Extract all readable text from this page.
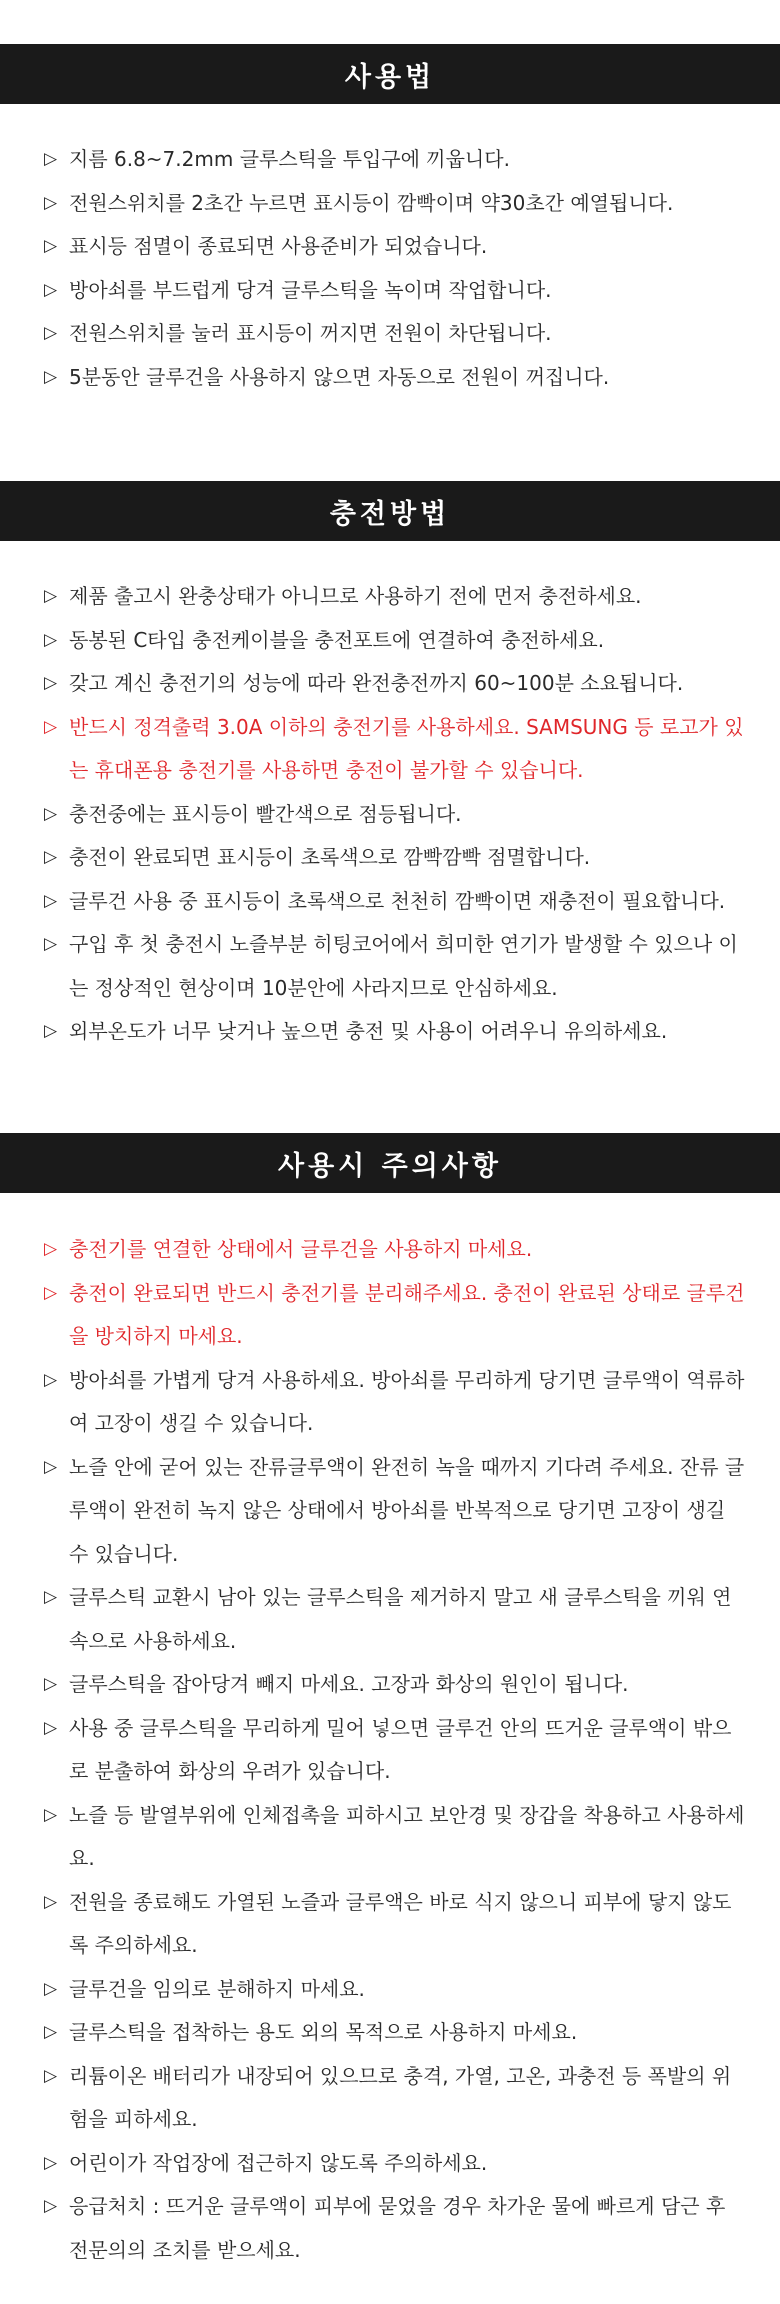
사용법
▷ 지름 6.8~7.2mm 글루스틱을 투입구에 끼웁니다.
▷ 전원스위치를 2초간 누르면 표시등이 깜빡이며 약30초간 예열됩니다.
▷ 표시등 점멸이 종료되면 사용준비가 되었습니다.
▷ 방아쇠를 부드럽게 당겨 글루스틱을 녹이며 작업합니다.
▷ 전원스위치를 눌러 표시등이 꺼지면 전원이 차단됩니다.
▷ 5분동안 글루건을 사용하지 않으면 자동으로 전원이 꺼집니다.
충전방법
▷ 제품 출고시 완충상태가 아니므로 사용하기 전에 먼저 충전하세요.
▷ 동봉된 C타입 충전케이블을 충전포트에 연결하여 충전하세요.
▷ 갖고 계신 충전기의 성능에 따라 완전충전까지 60~100분 소요됩니다.
▷ 반드시 정격출력 3.0A 이하의 충전기를 사용하세요. SAMSUNG 등 로고가 있는 휴대폰용 충전기를 사용하면 충전이 불가할 수 있습니다.
▷ 충전중에는 표시등이 빨간색으로 점등됩니다.
▷ 충전이 완료되면 표시등이 초록색으로 깜빡깜빡 점멸합니다.
▷ 글루건 사용 중 표시등이 초록색으로 천천히 깜빡이면 재충전이 필요합니다.
▷ 구입 후 첫 충전시 노즐부분 히팅코어에서 희미한 연기가 발생할 수 있으나 이는 정상적인 현상이며 10분안에 사라지므로 안심하세요.
▷ 외부온도가 너무 낮거나 높으면 충전 및 사용이 어려우니 유의하세요.
사용시 주의사항
▷ 충전기를 연결한 상태에서 글루건을 사용하지 마세요.
▷ 충전이 완료되면 반드시 충전기를 분리해주세요. 충전이 완료된 상태로 글루건을 방치하지 마세요.
▷ 방아쇠를 가볍게 당겨 사용하세요. 방아쇠를 무리하게 당기면 글루액이 역류하여 고장이 생길 수 있습니다.
▷ 노즐 안에 굳어 있는 잔류글루액이 완전히 녹을 때까지 기다려 주세요. 잔류 글루액이 완전히 녹지 않은 상태에서 방아쇠를 반복적으로 당기면 고장이 생길 수 있습니다.
▷ 글루스틱 교환시 남아 있는 글루스틱을 제거하지 말고 새 글루스틱을 끼워 연속으로 사용하세요.
▷ 글루스틱을 잡아당겨 빼지 마세요. 고장과 화상의 원인이 됩니다.
▷ 사용 중 글루스틱을 무리하게 밀어 넣으면 글루건 안의 뜨거운 글루액이 밖으로 분출하여 화상의 우려가 있습니다.
▷ 노즐 등 발열부위에 인체접촉을 피하시고 보안경 및 장갑을 착용하고 사용하세요.
▷ 전원을 종료해도 가열된 노즐과 글루액은 바로 식지 않으니 피부에 닿지 않도록 주의하세요.
▷ 글루건을 임의로 분해하지 마세요.
▷ 글루스틱을 접착하는 용도 외의 목적으로 사용하지 마세요.
▷ 리튬이온 배터리가 내장되어 있으므로 충격, 가열, 고온, 과충전 등 폭발의 위험을 피하세요.
▷ 어린이가 작업장에 접근하지 않도록 주의하세요.
▷ 응급처치 : 뜨거운 글루액이 피부에 묻었을 경우 차가운 물에 빠르게 담근 후 전문의의 조치를 받으세요.
